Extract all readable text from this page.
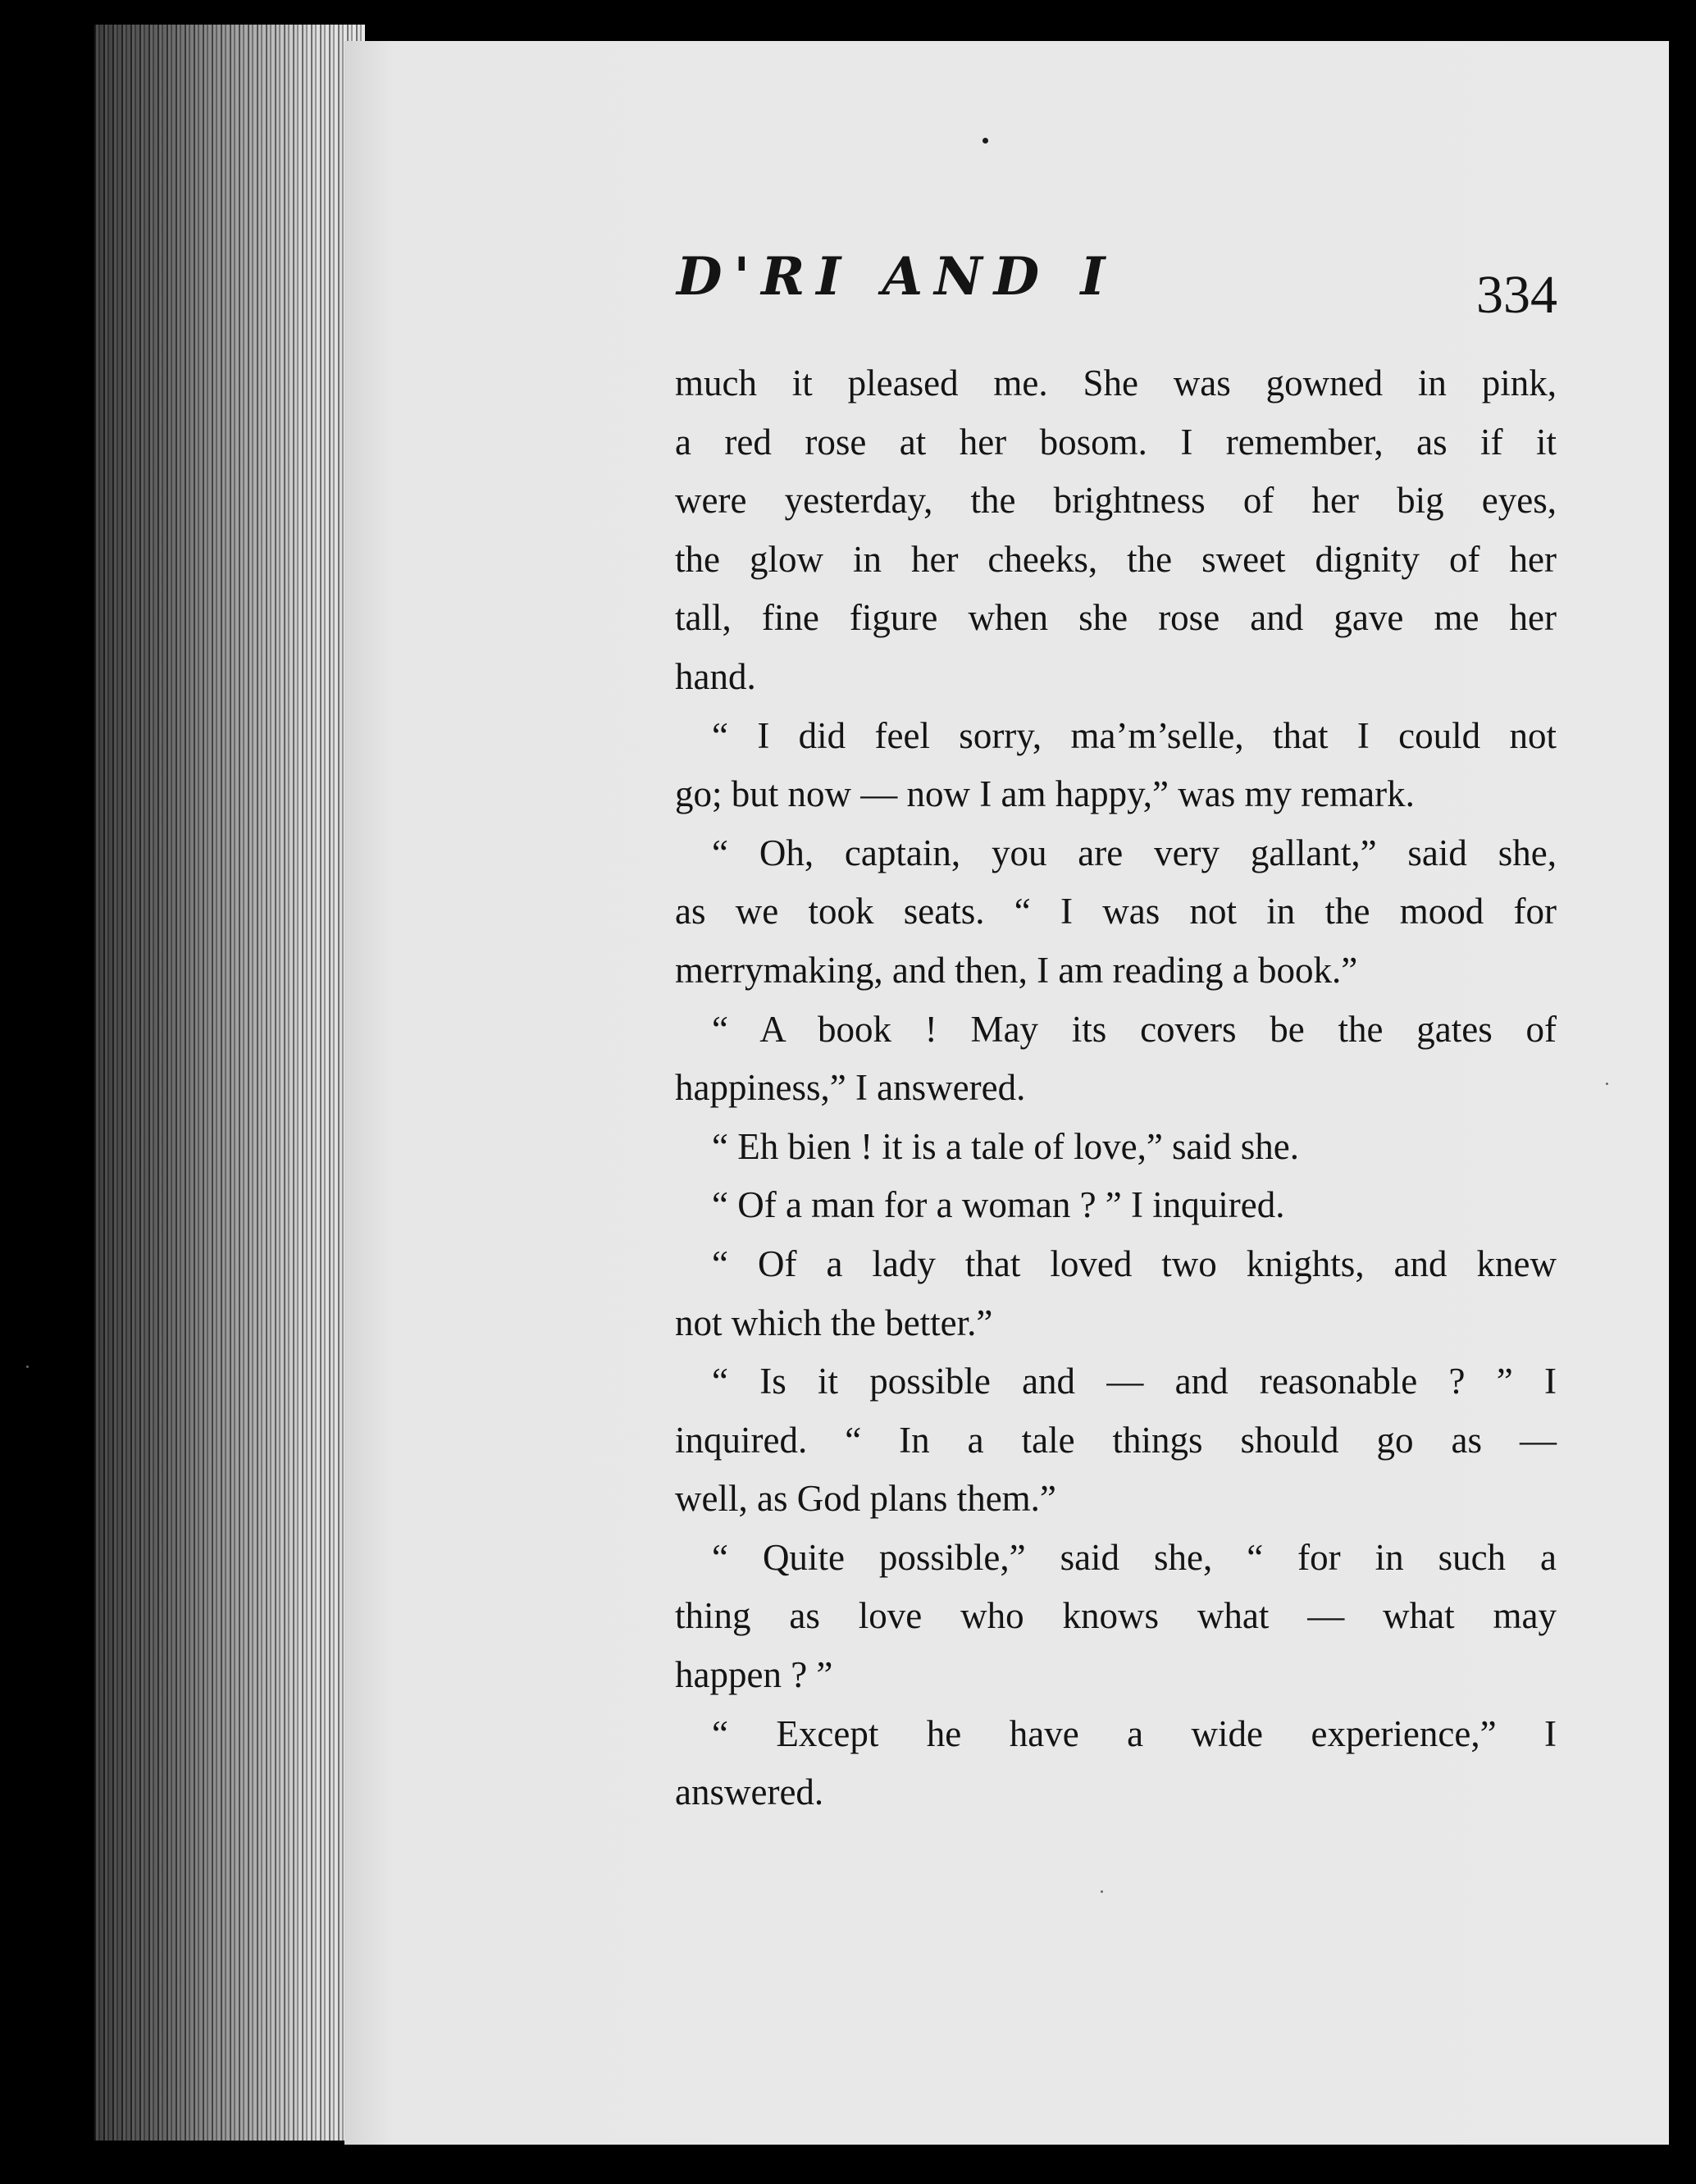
D'RI AND I	334
much it pleased me. She was gowned in pink,
a red rose at her bosom. I remember, as if it
were yesterday, the brightness of her big eyes,
the glow in her cheeks, the sweet dignity of her
tall, fine figure when she rose and gave me her
hand.
“ I did feel sorry, ma’m’selle, that I could not
go; but now — now I am happy,” was my remark.
“ Oh, captain, you are very gallant,” said she,
as we took seats. “ I was not in the mood for
merrymaking, and then, I am reading a book.”
“ A book ! May its covers be the gates of
happiness,” I answered.
“ Eh bien ! it is a tale of love,” said she.
“ Of a man for a woman ? ” I inquired.
“ Of a lady that loved two knights, and knew
not which the better.”
“ Is it possible and — and reasonable ? ” I
inquired. “ In a tale things should go as —
well, as God plans them.”
“ Quite possible,” said she, “ for in such a
thing as love who knows what — what may
happen ? ”
“ Except he have a wide experience,” I
answered.
